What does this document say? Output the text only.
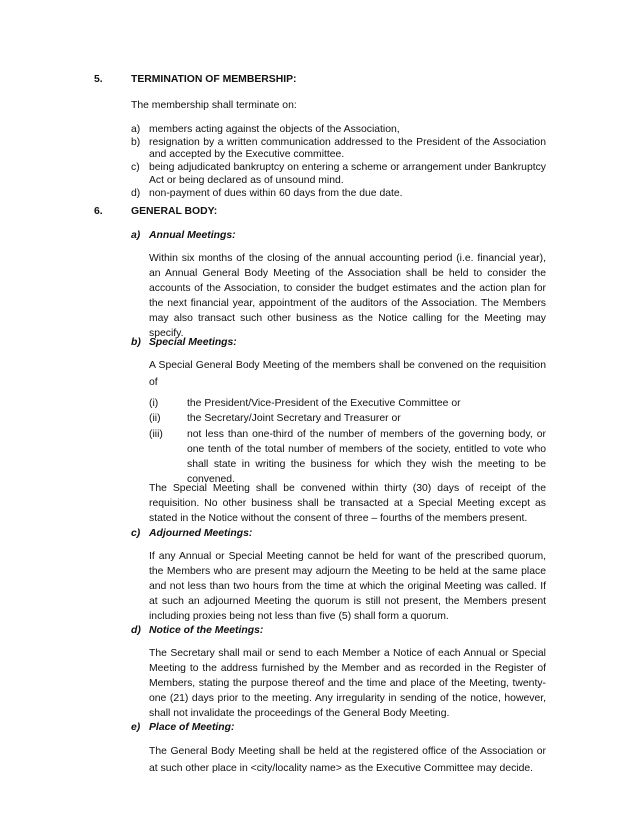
5.	TERMINATION OF MEMBERSHIP:
The membership shall terminate on:
a) members acting against the objects of the Association,
b) resignation by a written communication addressed to the President of the Association and accepted by the Executive committee.
c) being adjudicated bankruptcy on entering a scheme or arrangement under Bankruptcy Act or being declared as of unsound mind.
d) non-payment of dues within 60 days from the due date.
6.	GENERAL BODY:
a) Annual Meetings:
Within six months of the closing of the annual accounting period (i.e. financial year), an Annual General Body Meeting of the Association shall be held to consider the accounts of the Association, to consider the budget estimates and the action plan for the next financial year, appointment of the auditors of the Association. The Members may also transact such other business as the Notice calling for the Meeting may specify.
b) Special Meetings:
A Special General Body Meeting of the members shall be convened on the requisition of
(i)	the President/Vice-President of the Executive Committee or
(ii)	the Secretary/Joint Secretary and Treasurer or
(iii)	not less than one-third of the number of members of the governing body, or one tenth of the total number of members of the society, entitled to vote who shall state in writing the business for which they wish the meeting to be convened.
The Special Meeting shall be convened within thirty (30) days of receipt of the requisition. No other business shall be transacted at a Special Meeting except as stated in the Notice without the consent of three – fourths of the members present.
c) Adjourned Meetings:
If any Annual or Special Meeting cannot be held for want of the prescribed quorum, the Members who are present may adjourn the Meeting to be held at the same place and not less than two hours from the time at which the original Meeting was called. If at such an adjourned Meeting the quorum is still not present, the Members present including proxies being not less than five (5) shall form a quorum.
d) Notice of the Meetings:
The Secretary shall mail or send to each Member a Notice of each Annual or Special Meeting to the address furnished by the Member and as recorded in the Register of Members, stating the purpose thereof and the time and place of the Meeting, twenty-one (21) days prior to the meeting. Any irregularity in sending of the notice, however, shall not invalidate the proceedings of the General Body Meeting.
e) Place of Meeting:
The General Body Meeting shall be held at the registered office of the Association or at such other place in <city/locality name> as the Executive Committee may decide.
